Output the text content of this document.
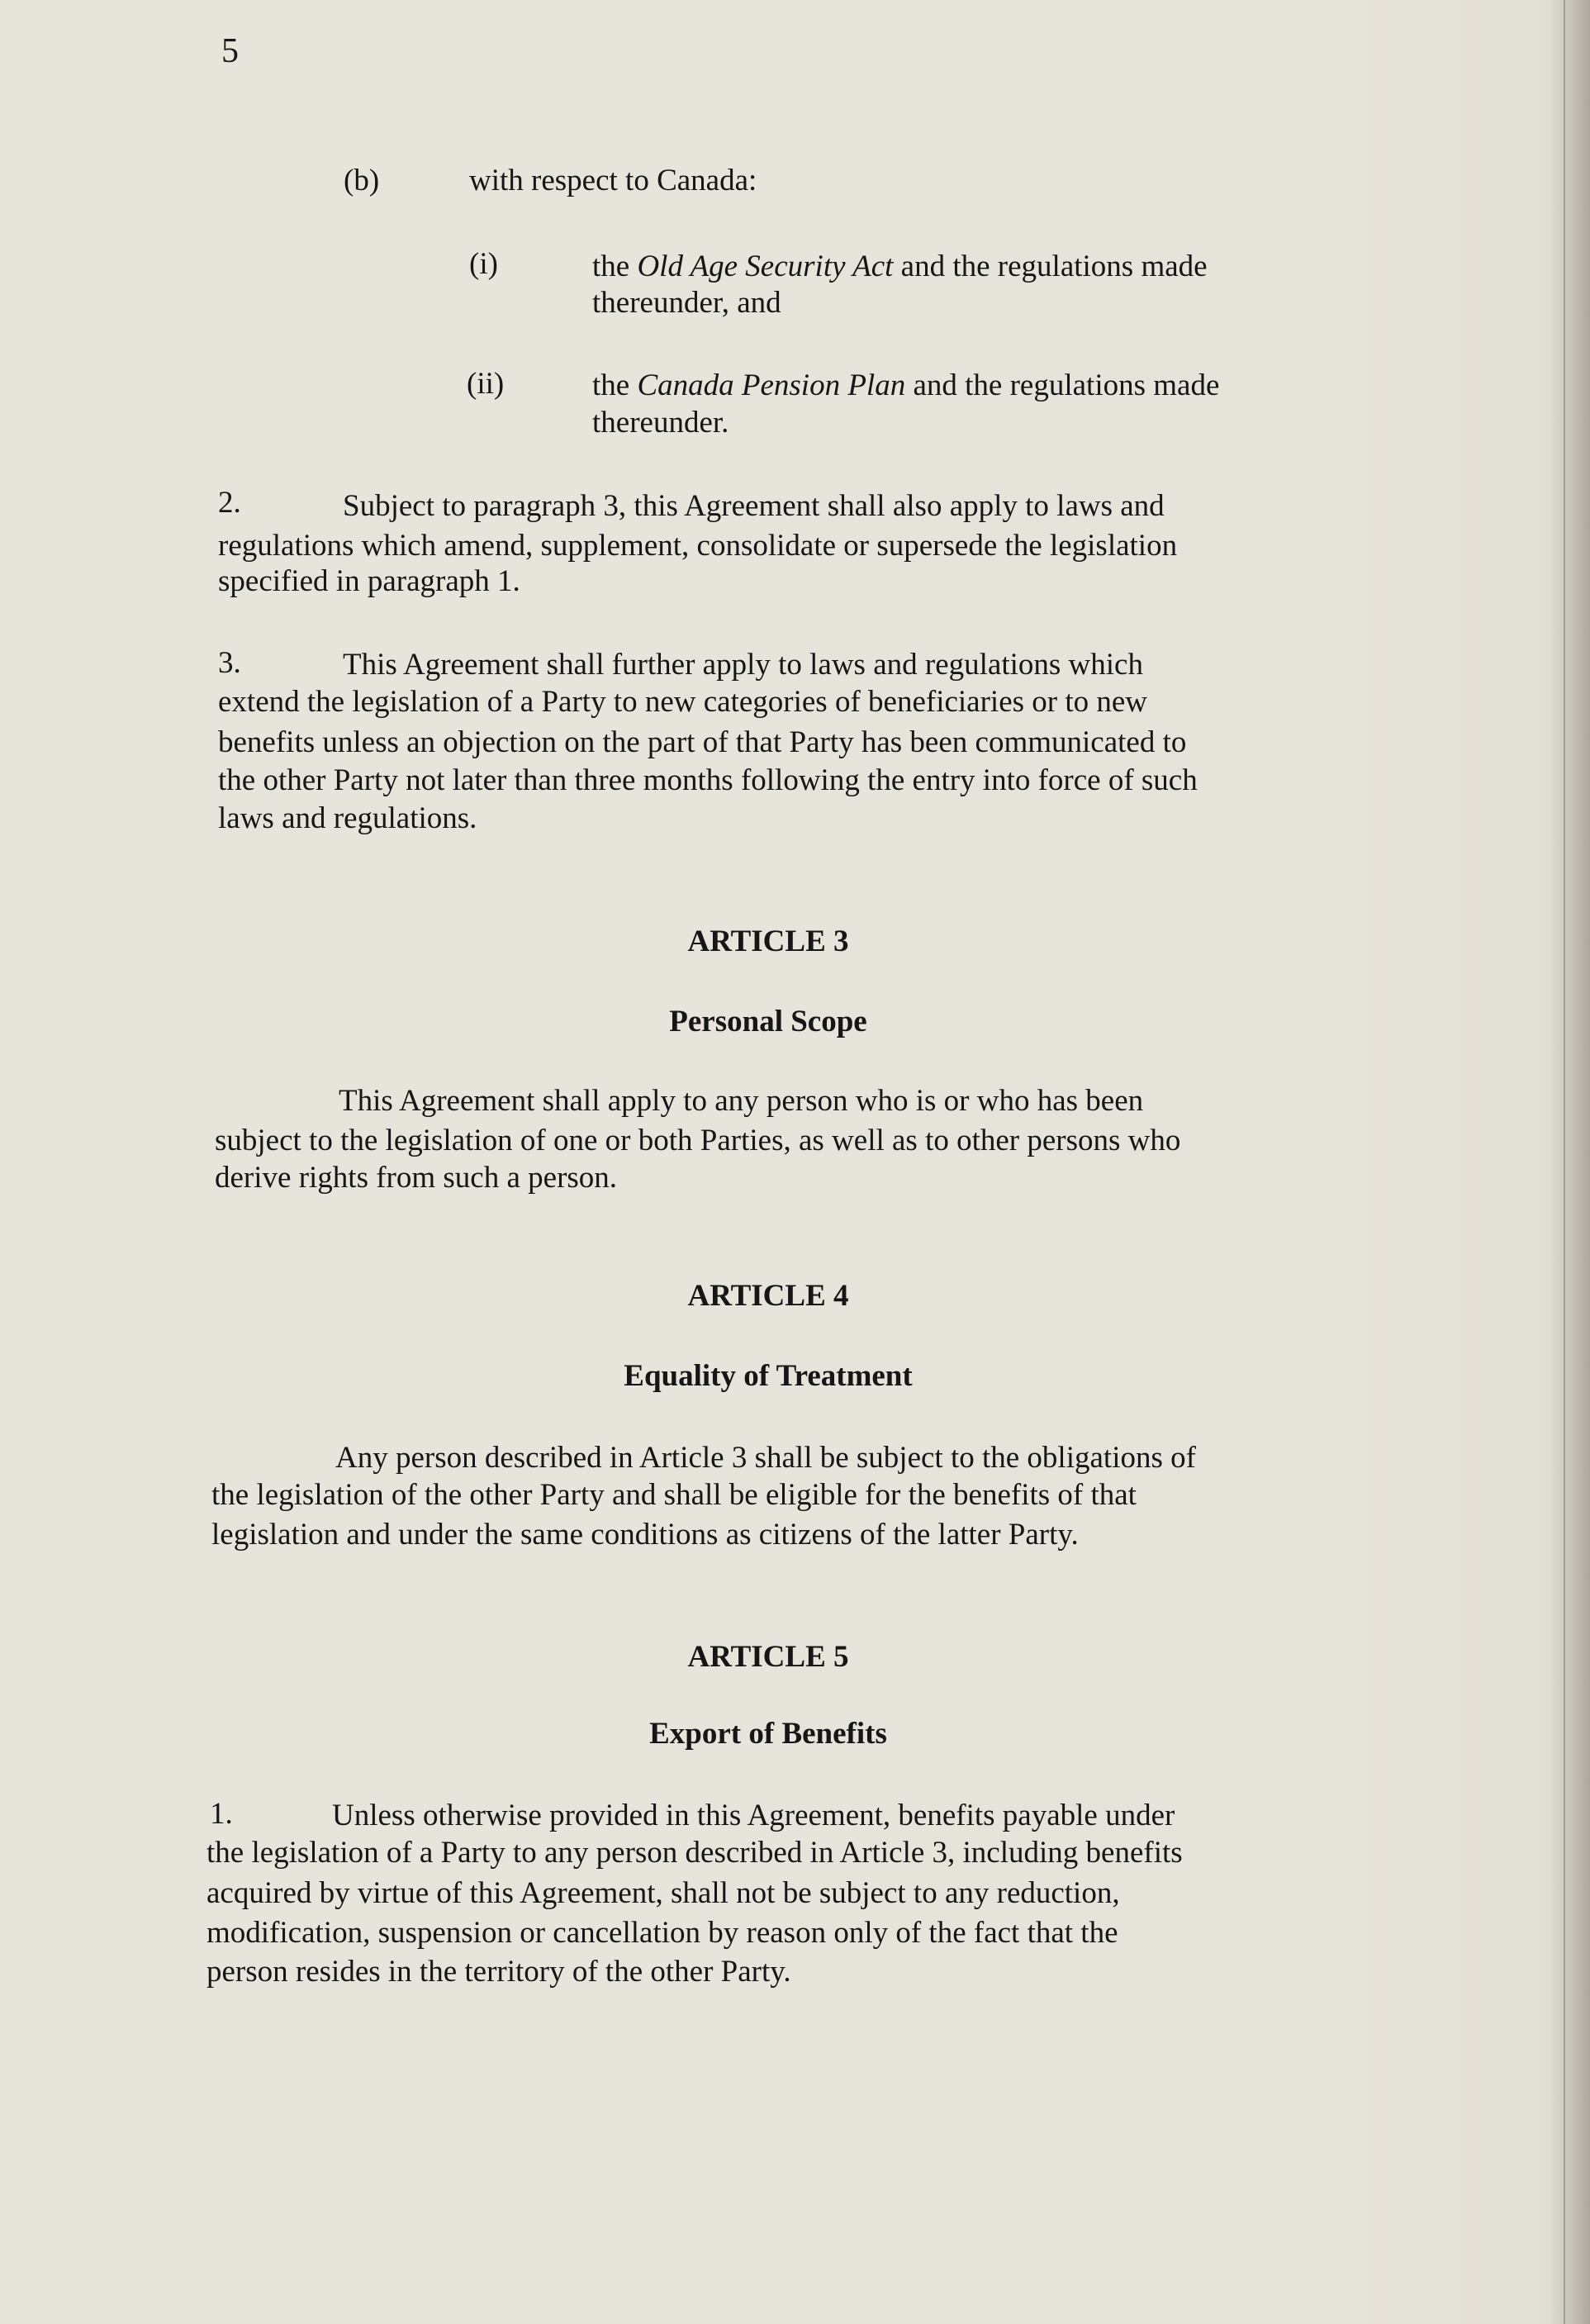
5
(b)	with respect to Canada:
(i)	the Old Age Security Act and the regulations made
thereunder, and
(ii)	the Canada Pension Plan and the regulations made
thereunder.
2.	Subject to paragraph 3, this Agreement shall also apply to laws and
regulations which amend, supplement, consolidate or supersede the legislation
specified in paragraph 1.
3.	This Agreement shall further apply to laws and regulations which
extend the legislation of a Party to new categories of beneficiaries or to new
benefits unless an objection on the part of that Party has been communicated to
the other Party not later than three months following the entry into force of such
laws and regulations.
ARTICLE 3
Personal Scope
This Agreement shall apply to any person who is or who has been
subject to the legislation of one or both Parties, as well as to other persons who
derive rights from such a person.
ARTICLE 4
Equality of Treatment
Any person described in Article 3 shall be subject to the obligations of
the legislation of the other Party and shall be eligible for the benefits of that
legislation and under the same conditions as citizens of the latter Party.
ARTICLE 5
Export of Benefits
1.	Unless otherwise provided in this Agreement, benefits payable under
the legislation of a Party to any person described in Article 3, including benefits
acquired by virtue of this Agreement, shall not be subject to any reduction,
modification, suspension or cancellation by reason only of the fact that the
person resides in the territory of the other Party.
